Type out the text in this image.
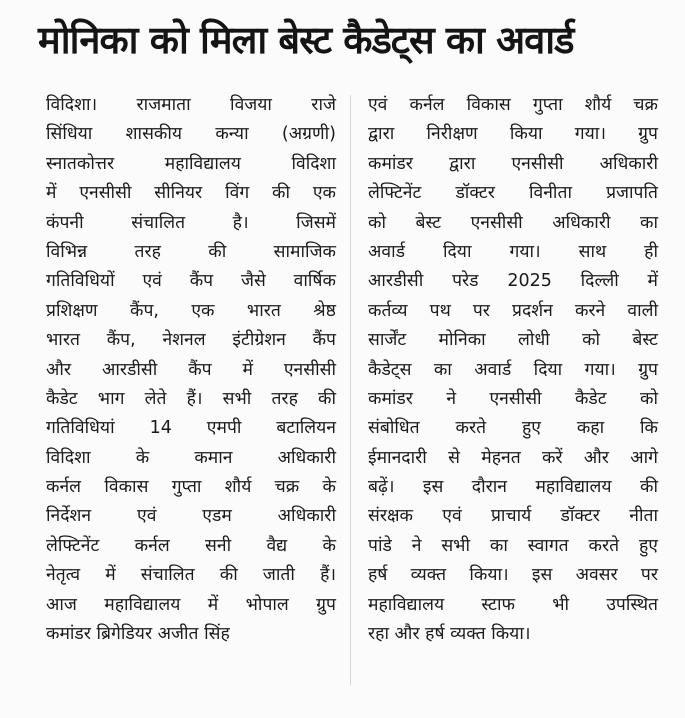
मोनिका को मिला बेस्ट कैडेट्स का अवार्ड
विदिशा। राजमाता विजया राजे
सिंधिया शासकीय कन्या (अग्रणी)
स्नातकोत्तर महाविद्यालय विदिशा
में एनसीसी सीनियर विंग की एक
कंपनी संचालित है। जिसमें
विभिन्न तरह की सामाजिक
गतिविधियों एवं कैंप जैसे वार्षिक
प्रशिक्षण कैंप, एक भारत श्रेष्ठ
भारत कैंप, नेशनल इंटीग्रेशन कैंप
और आरडीसी कैंप में एनसीसी
कैडेट भाग लेते हैं। सभी तरह की
गतिविधियां 14 एमपी बटालियन
विदिशा के कमान अधिकारी
कर्नल विकास गुप्ता शौर्य चक्र के
निर्देशन एवं एडम अधिकारी
लेफ्टिनेंट कर्नल सनी वैद्य के
नेतृत्व में संचालित की जाती हैं।
आज महाविद्यालय में भोपाल ग्रुप
कमांडर ब्रिगेडियर अजीत सिंह
एवं कर्नल विकास गुप्ता शौर्य चक्र
द्वारा निरीक्षण किया गया। ग्रुप
कमांडर द्वारा एनसीसी अधिकारी
लेफ्टिनेंट डॉक्टर विनीता प्रजापति
को बेस्ट एनसीसी अधिकारी का
अवार्ड दिया गया। साथ ही
आरडीसी परेड 2025 दिल्ली में
कर्तव्य पथ पर प्रदर्शन करने वाली
सार्जेंट मोनिका लोधी को बेस्ट
कैडेट्स का अवार्ड दिया गया। ग्रुप
कमांडर ने एनसीसी कैडेट को
संबोधित करते हुए कहा कि
ईमानदारी से मेहनत करें और आगे
बढ़ें। इस दौरान महाविद्यालय की
संरक्षक एवं प्राचार्य डॉक्टर नीता
पांडे ने सभी का स्वागत करते हुए
हर्ष व्यक्त किया। इस अवसर पर
महाविद्यालय स्टाफ भी उपस्थित
रहा और हर्ष व्यक्त किया।
